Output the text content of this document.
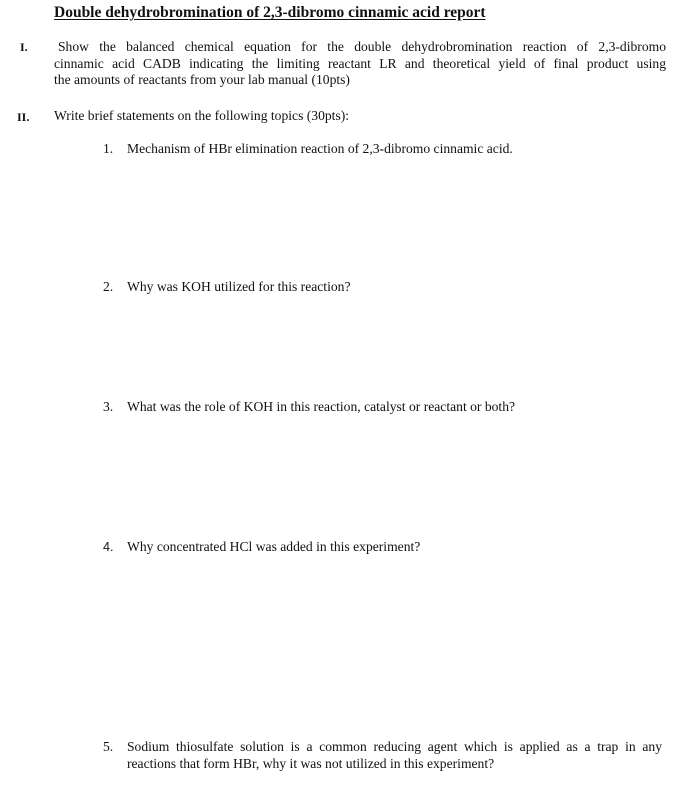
Double dehydrobromination of 2,3-dibromo cinnamic acid report
I. Show the balanced chemical equation for the double dehydrobromination reaction of 2,3-dibromo
cinnamic acid CADB indicating the limiting reactant LR and theoretical yield of final product using
the amounts of reactants from your lab manual (10pts)
II. Write brief statements on the following topics (30pts):
1. Mechanism of HBr elimination reaction of 2,3-dibromo cinnamic acid.
2. Why was KOH utilized for this reaction?
3. What was the role of KOH in this reaction, catalyst or reactant or both?
4. Why concentrated HCl was added in this experiment?
5. Sodium thiosulfate solution is a common reducing agent which is applied as a trap in any
reactions that form HBr, why it was not utilized in this experiment?
